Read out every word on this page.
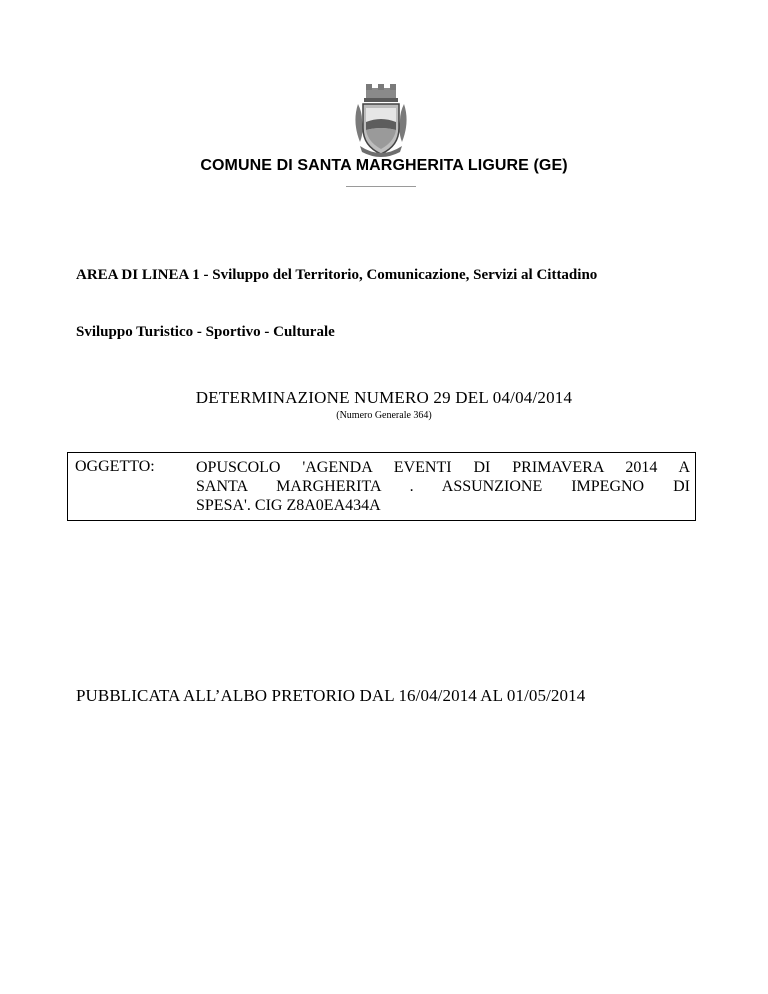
COMUNE DI SANTA MARGHERITA LIGURE (GE)
AREA DI LINEA 1 - Sviluppo del Territorio, Comunicazione, Servizi al Cittadino
Sviluppo Turistico - Sportivo - Culturale
DETERMINAZIONE NUMERO 29 DEL 04/04/2014
(Numero Generale 364)
OGGETTO:	OPUSCOLO 'AGENDA EVENTI DI PRIMAVERA 2014 A
SANTA MARGHERITA . ASSUNZIONE IMPEGNO DI
SPESA'. CIG Z8A0EA434A
PUBBLICATA ALL’ALBO PRETORIO DAL 16/04/2014 AL 01/05/2014
